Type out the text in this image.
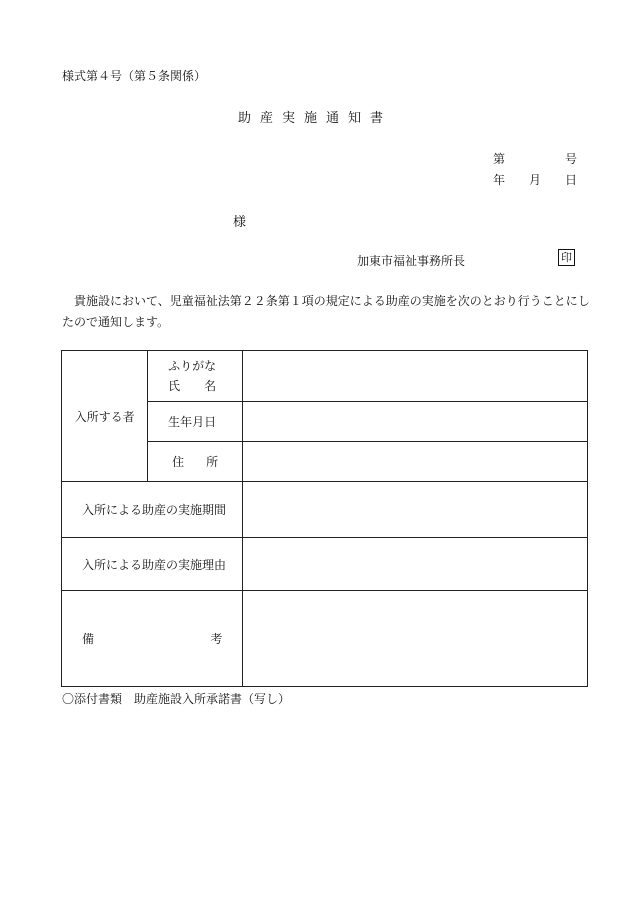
様式第４号（第５条関係）
助産実施通知書
第	号
年 月 日
様
加東市福祉事務所長	印
貴施設において、児童福祉法第２２条第１項の規定による助産の実施を次のとおり行うことにしたので通知します。
入所する者	ふりがな
氏 名	

	生年月日	

	住 所	

入所による助産の実施期間		
入所による助産の実施理由		

備 考		

〇添付書類　助産施設入所承諾書（写し）
